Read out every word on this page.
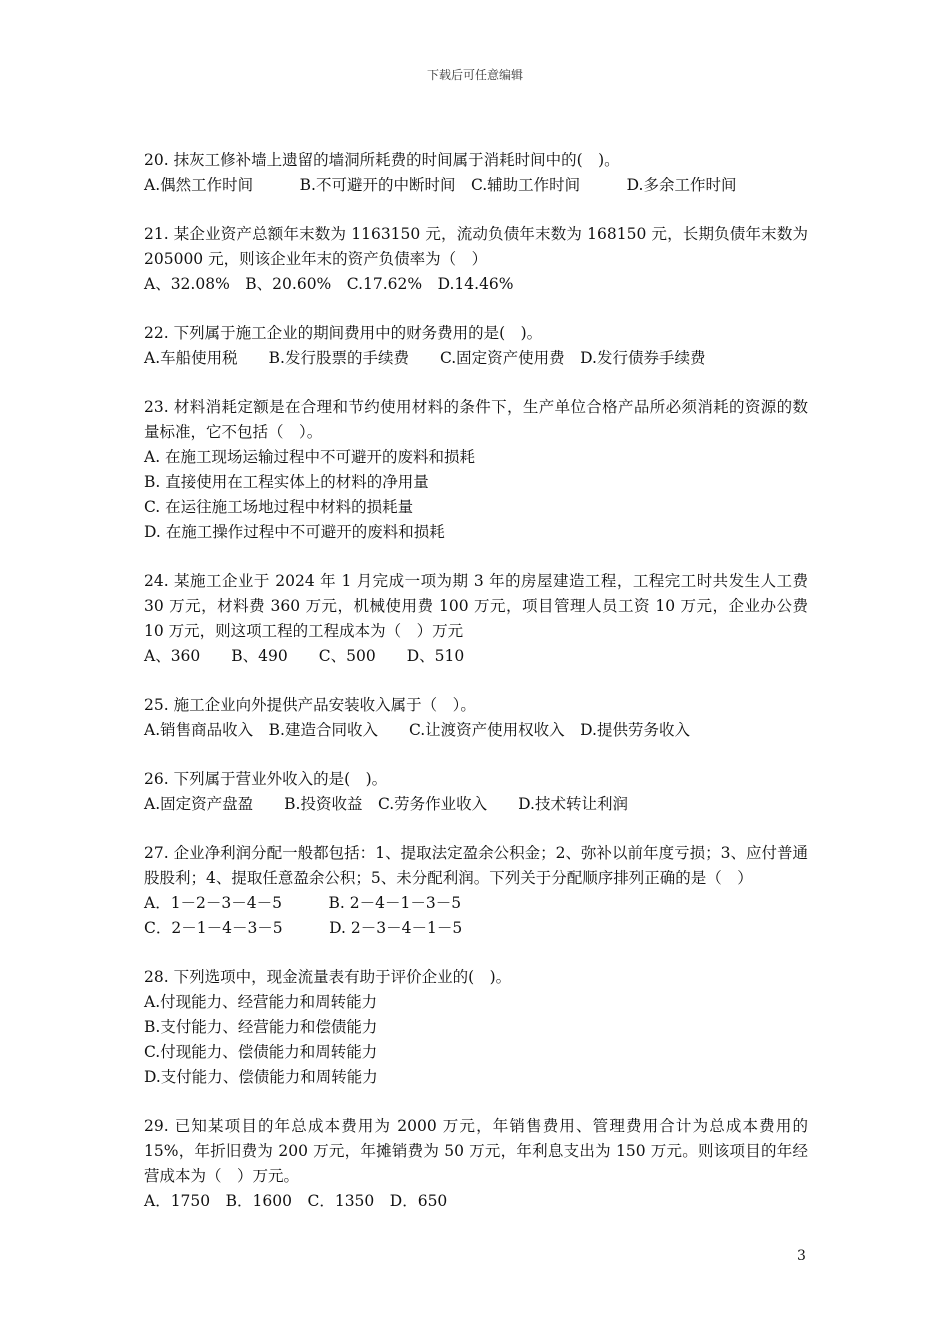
下载后可任意编辑

20. 抹灰工修补墙上遗留的墙洞所耗费的时间属于消耗时间中的(　)。

A.偶然工作时间　　　B.不可避开的中断时间　C.辅助工作时间　　　D.多余工作时间

21. 某企业资产总额年末数为 1163150 元，流动负债年末数为 168150 元，长期负债年末数为 205000 元，则该企业年末的资产负债率为（　）

A、32.08%　B、20.60%　C.17.62%　D.14.46%

22. 下列属于施工企业的期间费用中的财务费用的是(　)。

A.车船使用税　　B.发行股票的手续费　　C.固定资产使用费　D.发行债券手续费

23. 材料消耗定额是在合理和节约使用材料的条件下，生产单位合格产品所必须消耗的资源的数量标准，它不包括（　）。

A. 在施工现场运输过程中不可避开的废料和损耗

B. 直接使用在工程实体上的材料的净用量

C. 在运往施工场地过程中材料的损耗量

D. 在施工操作过程中不可避开的废料和损耗

24. 某施工企业于 2024 年 1 月完成一项为期 3 年的房屋建造工程，工程完工时共发生人工费 30 万元，材料费 360 万元，机械使用费 100 万元，项目管理人员工资 10 万元，企业办公费 10 万元，则这项工程的工程成本为（　）万元

A、360　　B、490　　C、500　　D、510

25. 施工企业向外提供产品安装收入属于（　）。

A.销售商品收入　B.建造合同收入　　C.让渡资产使用权收入　D.提供劳务收入

26. 下列属于营业外收入的是(　)。

A.固定资产盘盈　　B.投资收益　C.劳务作业收入　　D.技术转让利润

27. 企业净利润分配一般都包括：1、提取法定盈余公积金；2、弥补以前年度亏损；3、应付普通股股利；4、提取任意盈余公积；5、未分配利润。下列关于分配顺序排列正确的是（　）

A．1－2－3－4－5　　　B. 2－4－1－3－5

C．2－1－4－3－5　　　D. 2－3－4－1－5

28. 下列选项中，现金流量表有助于评价企业的(　)。

A.付现能力、经营能力和周转能力

B.支付能力、经营能力和偿债能力

C.付现能力、偿债能力和周转能力

D.支付能力、偿债能力和周转能力

29. 已知某项目的年总成本费用为 2000 万元，年销售费用、管理费用合计为总成本费用的 15%，年折旧费为 200 万元，年摊销费为 50 万元，年利息支出为 150 万元。则该项目的年经营成本为（　）万元。

A．1750　B．1600　C．1350　D．650

3
